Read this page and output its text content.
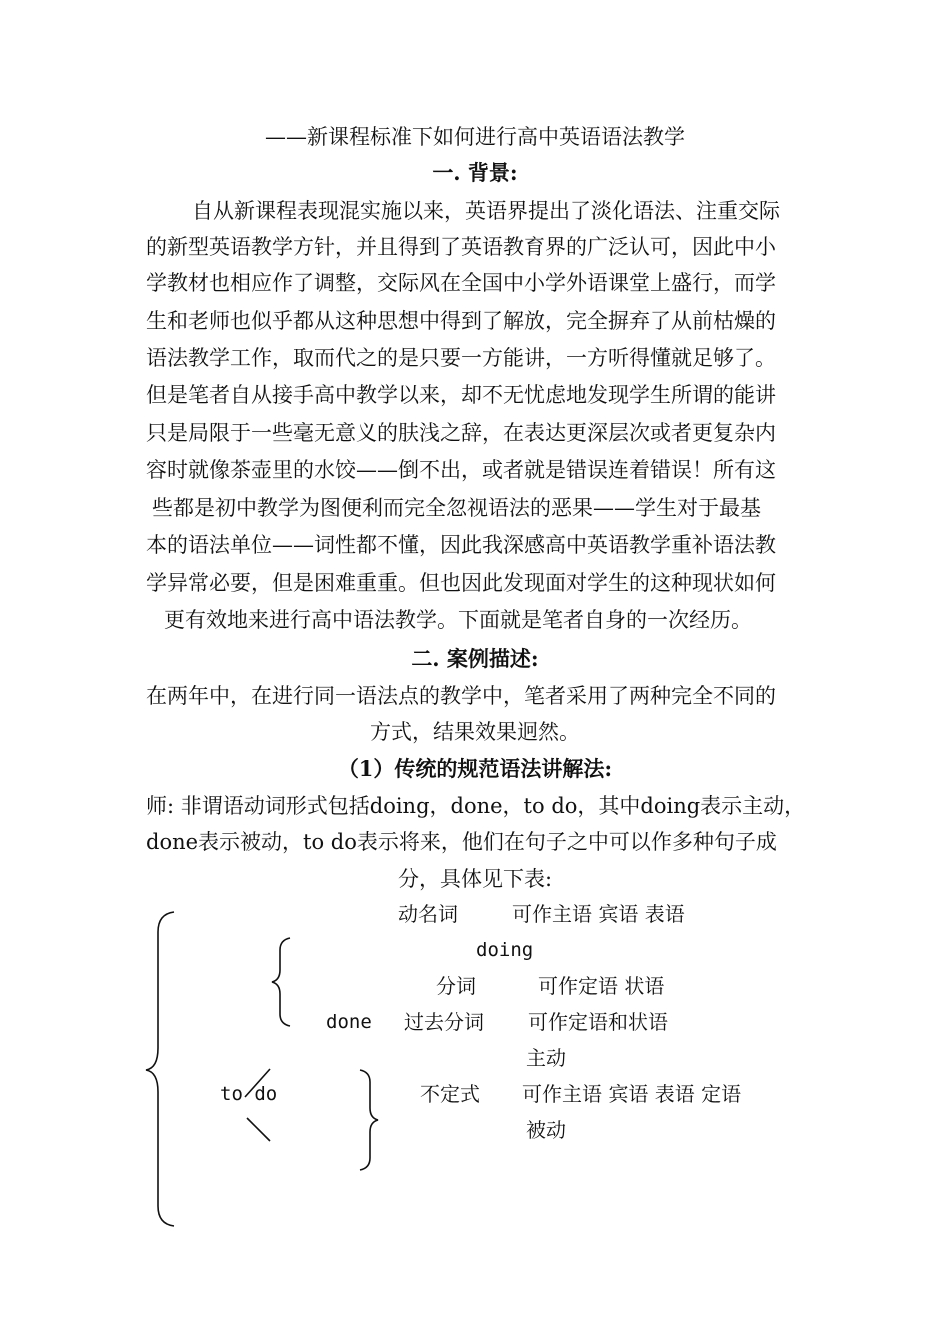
——新课程标准下如何进行高中英语语法教学
一. 背景:
自从新课程表现混实施以来，英语界提出了淡化语法、注重交际
的新型英语教学方针，并且得到了英语教育界的广泛认可，因此中小
学教材也相应作了调整，交际风在全国中小学外语课堂上盛行，而学
生和老师也似乎都从这种思想中得到了解放，完全摒弃了从前枯燥的
语法教学工作，取而代之的是只要一方能讲，一方听得懂就足够了。
但是笔者自从接手高中教学以来，却不无忧虑地发现学生所谓的能讲
只是局限于一些毫无意义的肤浅之辞，在表达更深层次或者更复杂内
容时就像茶壶里的水饺——倒不出，或者就是错误连着错误！所有这
些都是初中教学为图便利而完全忽视语法的恶果——学生对于最基
本的语法单位——词性都不懂，因此我深感高中英语教学重补语法教
学异常必要，但是困难重重。但也因此发现面对学生的这种现状如何
更有效地来进行高中语法教学。下面就是笔者自身的一次经历。
二. 案例描述:
在两年中，在进行同一语法点的教学中，笔者采用了两种完全不同的
方式，结果效果迥然。
（1）传统的规范语法讲解法:
师: 非谓语动词形式包括doing，done，to do，其中doing表示主动，
done表示被动，to do表示将来，他们在句子之中可以作多种句子成
分，具体见下表:
动名词	可作主语 宾语 表语
doing
分词	可作定语 状语
done 过去分词 可作定语和状语
主动
to do	不定式 可作主语 宾语 表语 定语
被动
